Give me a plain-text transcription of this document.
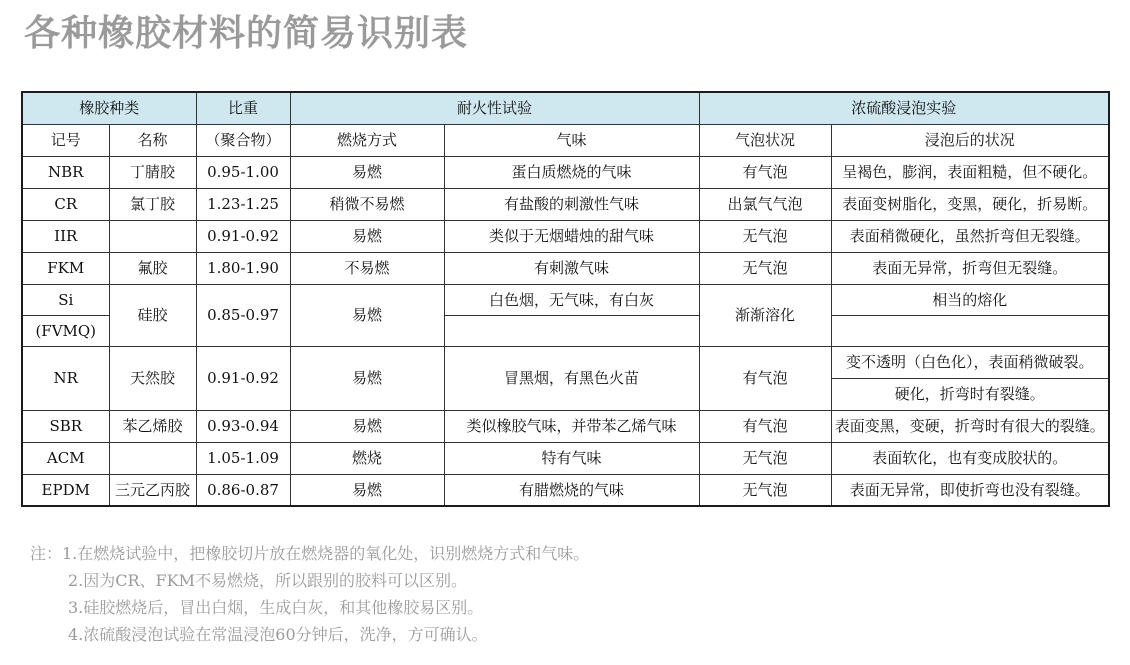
各种橡胶材料的简易识别表
橡胶种类		比重	耐火性试验		浓硫酸浸泡实验	
记号	名称	（聚合物）	燃烧方式	气味	气泡状况	浸泡后的状况
NBR	丁腈胶	0.95-1.00	易燃	蛋白质燃烧的气味	有气泡	呈褐色，膨润，表面粗糙，但不硬化。
CR	氯丁胶	1.23-1.25	稍微不易燃	有盐酸的刺激性气味	出氯气气泡	表面变树脂化，变黑，硬化，折易断。
IIR		0.91-0.92	易燃	类似于无烟蜡烛的甜气味	无气泡	表面稍微硬化，虽然折弯但无裂缝。
FKM	氟胶	1.80-1.90	不易燃	有刺激气味	无气泡	表面无异常，折弯但无裂缝。
Si	硅胶	0.85-0.97	易燃	白色烟，无气味，有白灰	渐渐溶化	相当的熔化
(FVMQ)						
NR	天然胶	0.91-0.92	易燃	冒黑烟，有黑色火苗	有气泡	变不透明（白色化），表面稍微破裂。
						硬化，折弯时有裂缝。
SBR	苯乙烯胶	0.93-0.94	易燃	类似橡胶气味，并带苯乙烯气味	有气泡	表面变黑，变硬，折弯时有很大的裂缝。
ACM		1.05-1.09	燃烧	特有气味	无气泡	表面软化，也有变成胶状的。
EPDM	三元乙丙胶	0.86-0.87	易燃	有腊燃烧的气味	无气泡	表面无异常，即使折弯也没有裂缝。
注：1.在燃烧试验中，把橡胶切片放在燃烧器的氧化处，识别燃烧方式和气味。
2.因为CR、FKM不易燃烧，所以跟别的胶料可以区别。
3.硅胶燃烧后，冒出白烟，生成白灰，和其他橡胶易区别。
4.浓硫酸浸泡试验在常温浸泡60分钟后，洗净，方可确认。
